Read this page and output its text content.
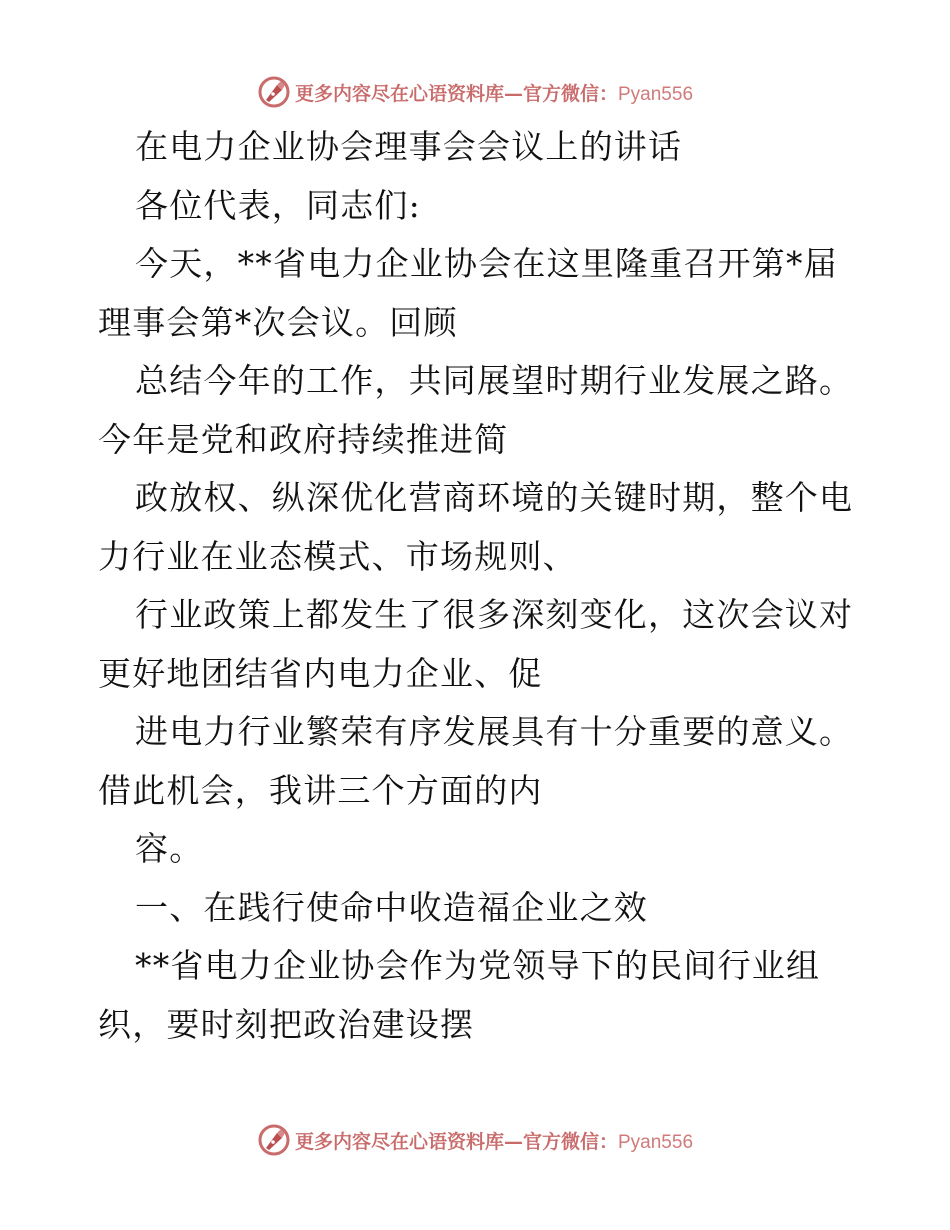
更多内容尽在心语资料库—官方微信：Pyan556
在电力企业协会理事会会议上的讲话
各位代表，同志们:
今天，**省电力企业协会在这里隆重召开第*届
理事会第*次会议。回顾
总结今年的工作，共同展望时期行业发展之路。
今年是党和政府持续推进简
政放权、纵深优化营商环境的关键时期，整个电
力行业在业态模式、市场规则、
行业政策上都发生了很多深刻变化，这次会议对
更好地团结省内电力企业、促
进电力行业繁荣有序发展具有十分重要的意义。
借此机会，我讲三个方面的内
容。
一、在践行使命中收造福企业之效
**省电力企业协会作为党领导下的民间行业组
织，要时刻把政治建设摆
更多内容尽在心语资料库—官方微信：Pyan556
